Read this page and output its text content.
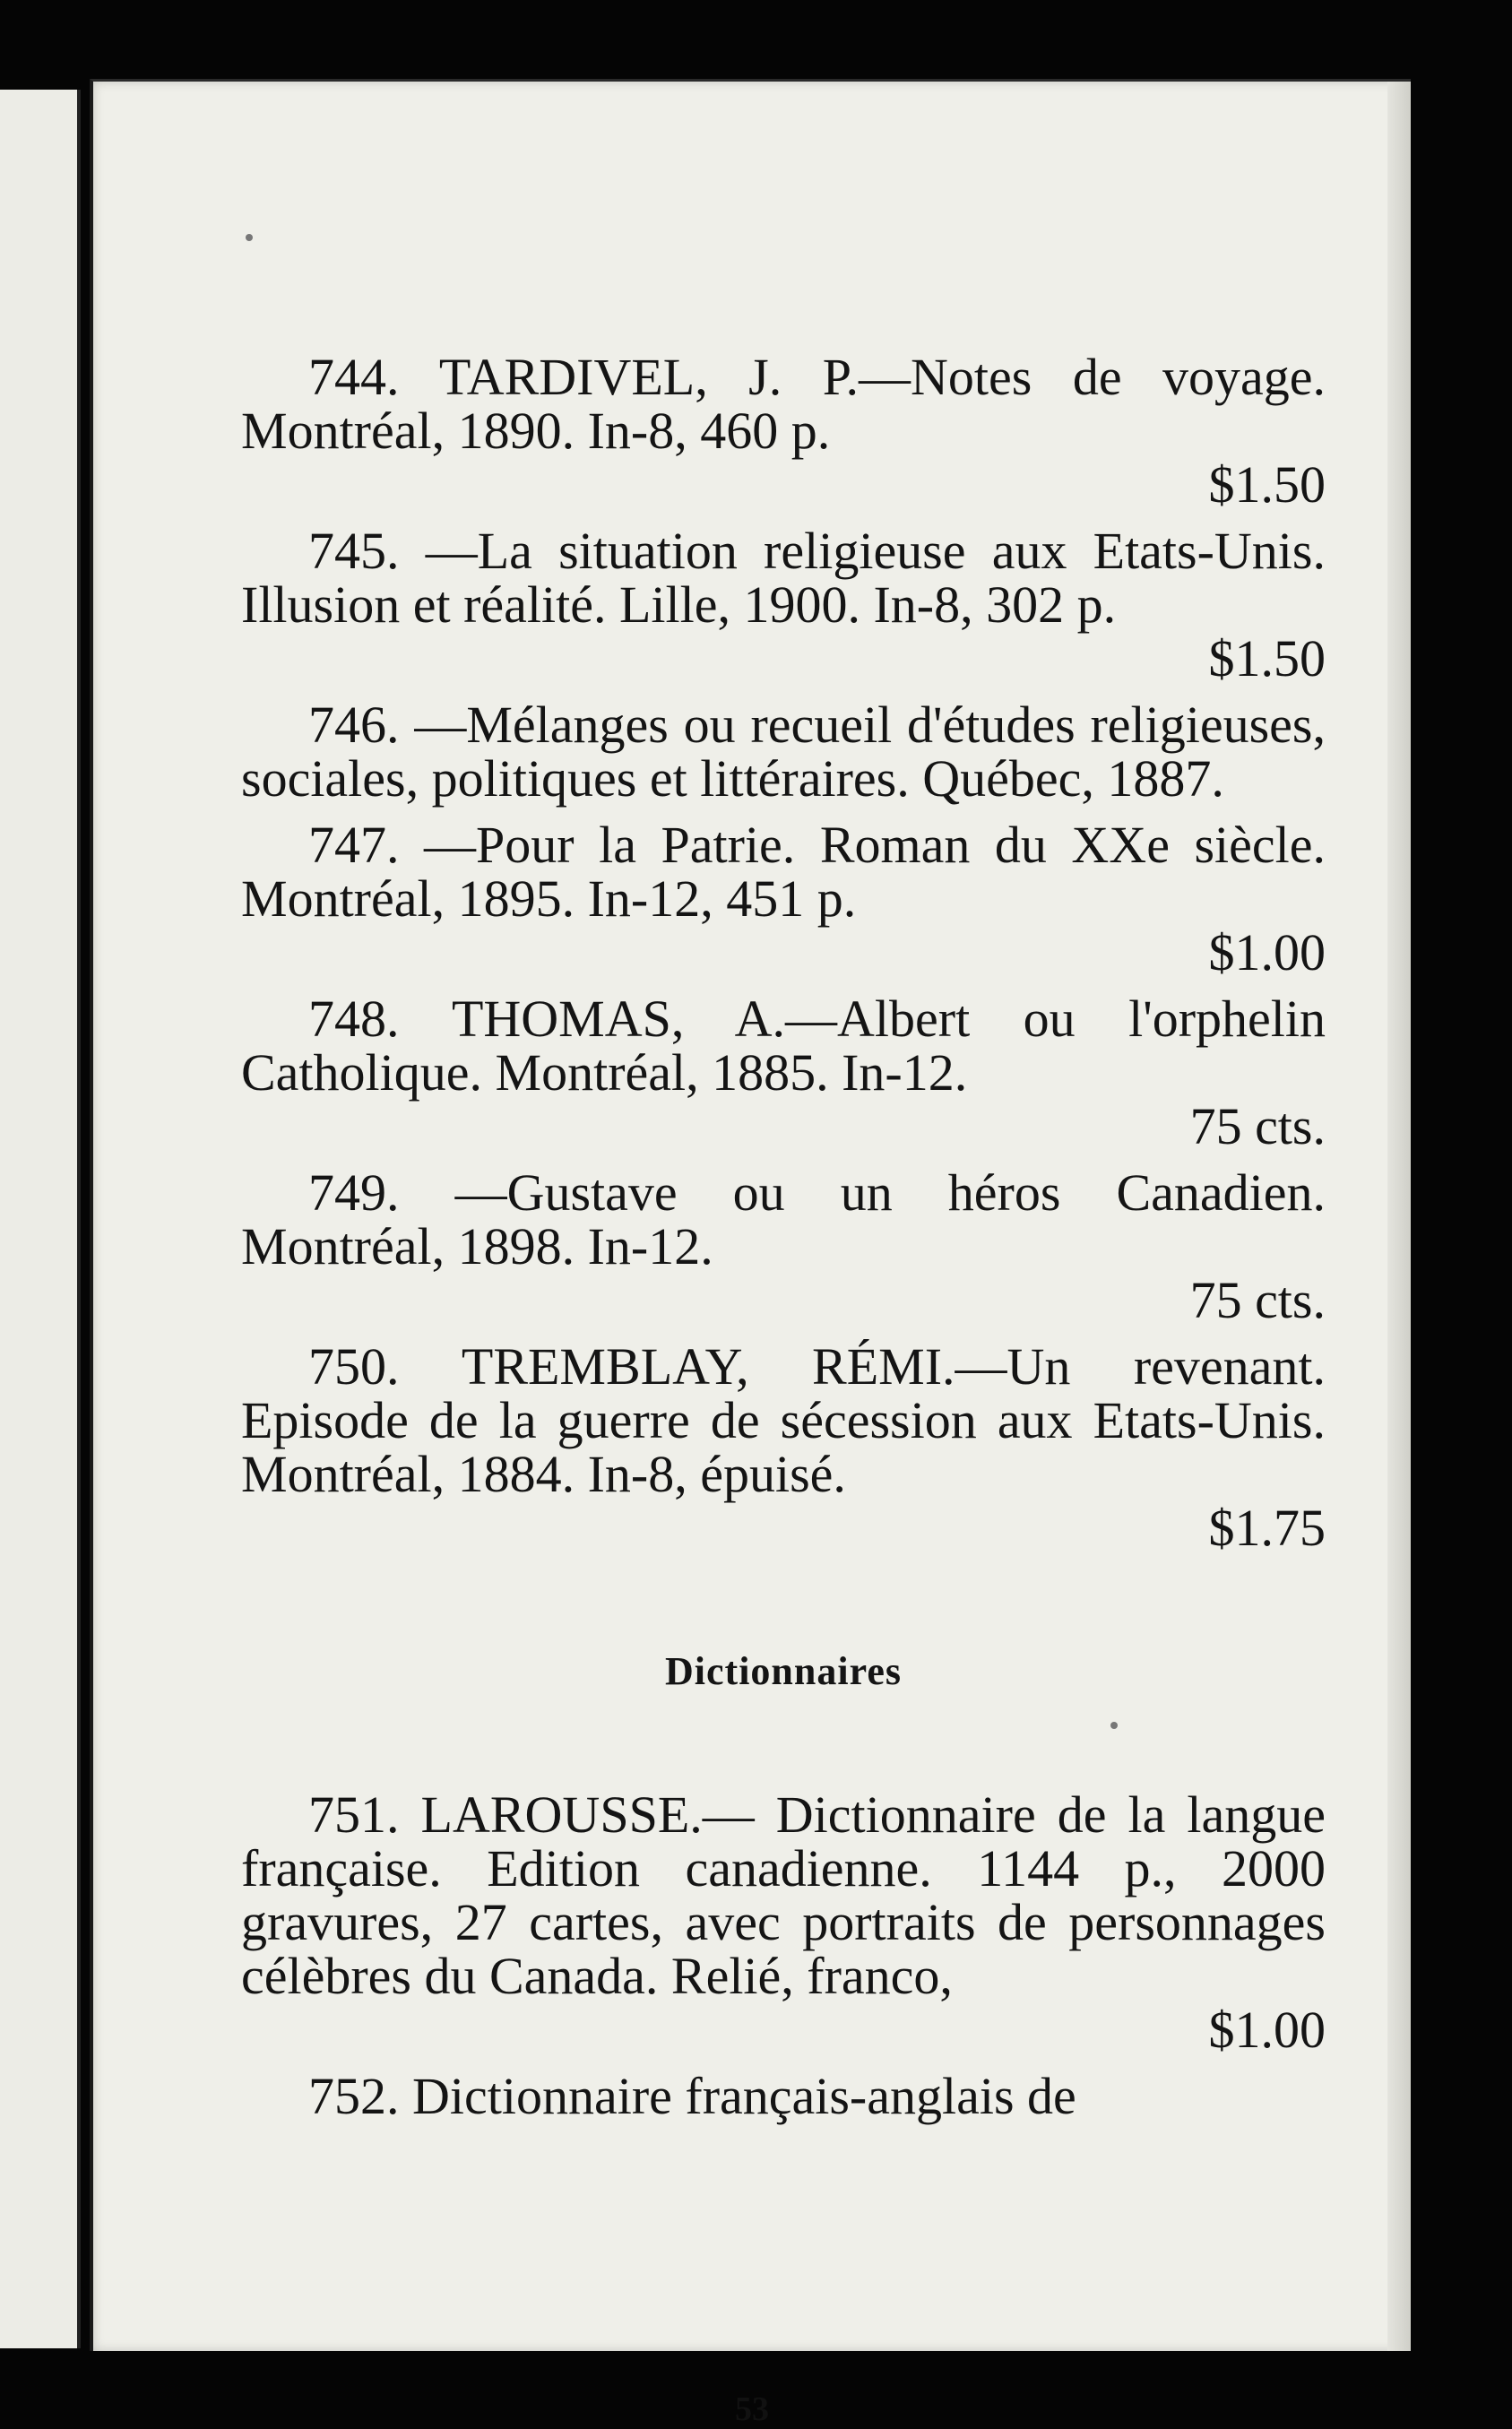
744. TARDIVEL, J. P.—Notes de voyage. Montréal, 1890. In-8, 460 p.
$1.50

745. —La situation religieuse aux Etats-Unis. Illusion et réalité. Lille, 1900. In-8, 302 p.
$1.50

746. —Mélanges ou recueil d'études religieuses, sociales, politiques et littéraires. Québec, 1887.

747. —Pour la Patrie. Roman du XXe siècle. Montréal, 1895. In-12, 451 p.
$1.00

748. THOMAS, A.—Albert ou l'orphelin Catholique. Montréal, 1885. In-12.
75 cts.

749. —Gustave ou un héros Canadien. Montréal, 1898. In-12.
75 cts.

750. TREMBLAY, RÉMI.—Un revenant. Episode de la guerre de sécession aux Etats-Unis. Montréal, 1884. In-8, épuisé.
$1.75

Dictionnaires

751. LAROUSSE.— Dictionnaire de la langue française. Edition canadienne. 1144 p., 2000 gravures, 27 cartes, avec portraits de personnages célèbres du Canada. Relié, franco,
$1.00

752. Dictionnaire français-anglais de

53
